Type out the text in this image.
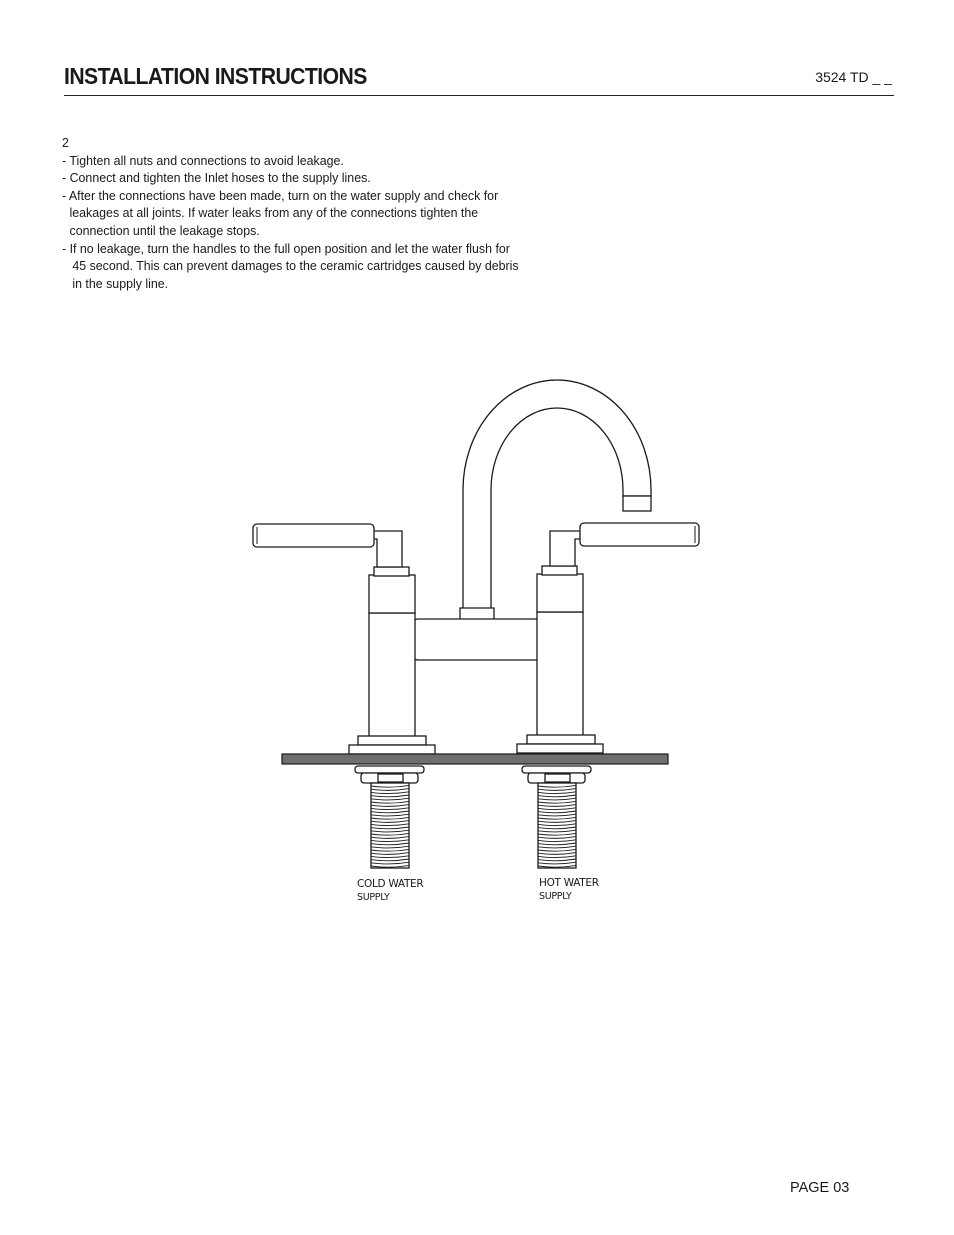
INSTALLATION INSTRUCTIONS	3524 TD _ _
2
- Tighten all nuts and connections to avoid leakage.
- Connect and tighten the Inlet hoses to the supply lines.
- After the connections have been made, turn on the water supply and check for
leakages at all joints. If water leaks from any of the connections tighten the
connection until the leakage stops.
- If no leakage, turn the handles to the full open position and let the water flush for
45 second. This can prevent damages to the ceramic cartridges caused by debris
in the supply line.
COLD WATER
SUPPLY
HOT WATER
SUPPLY
PAGE 03
